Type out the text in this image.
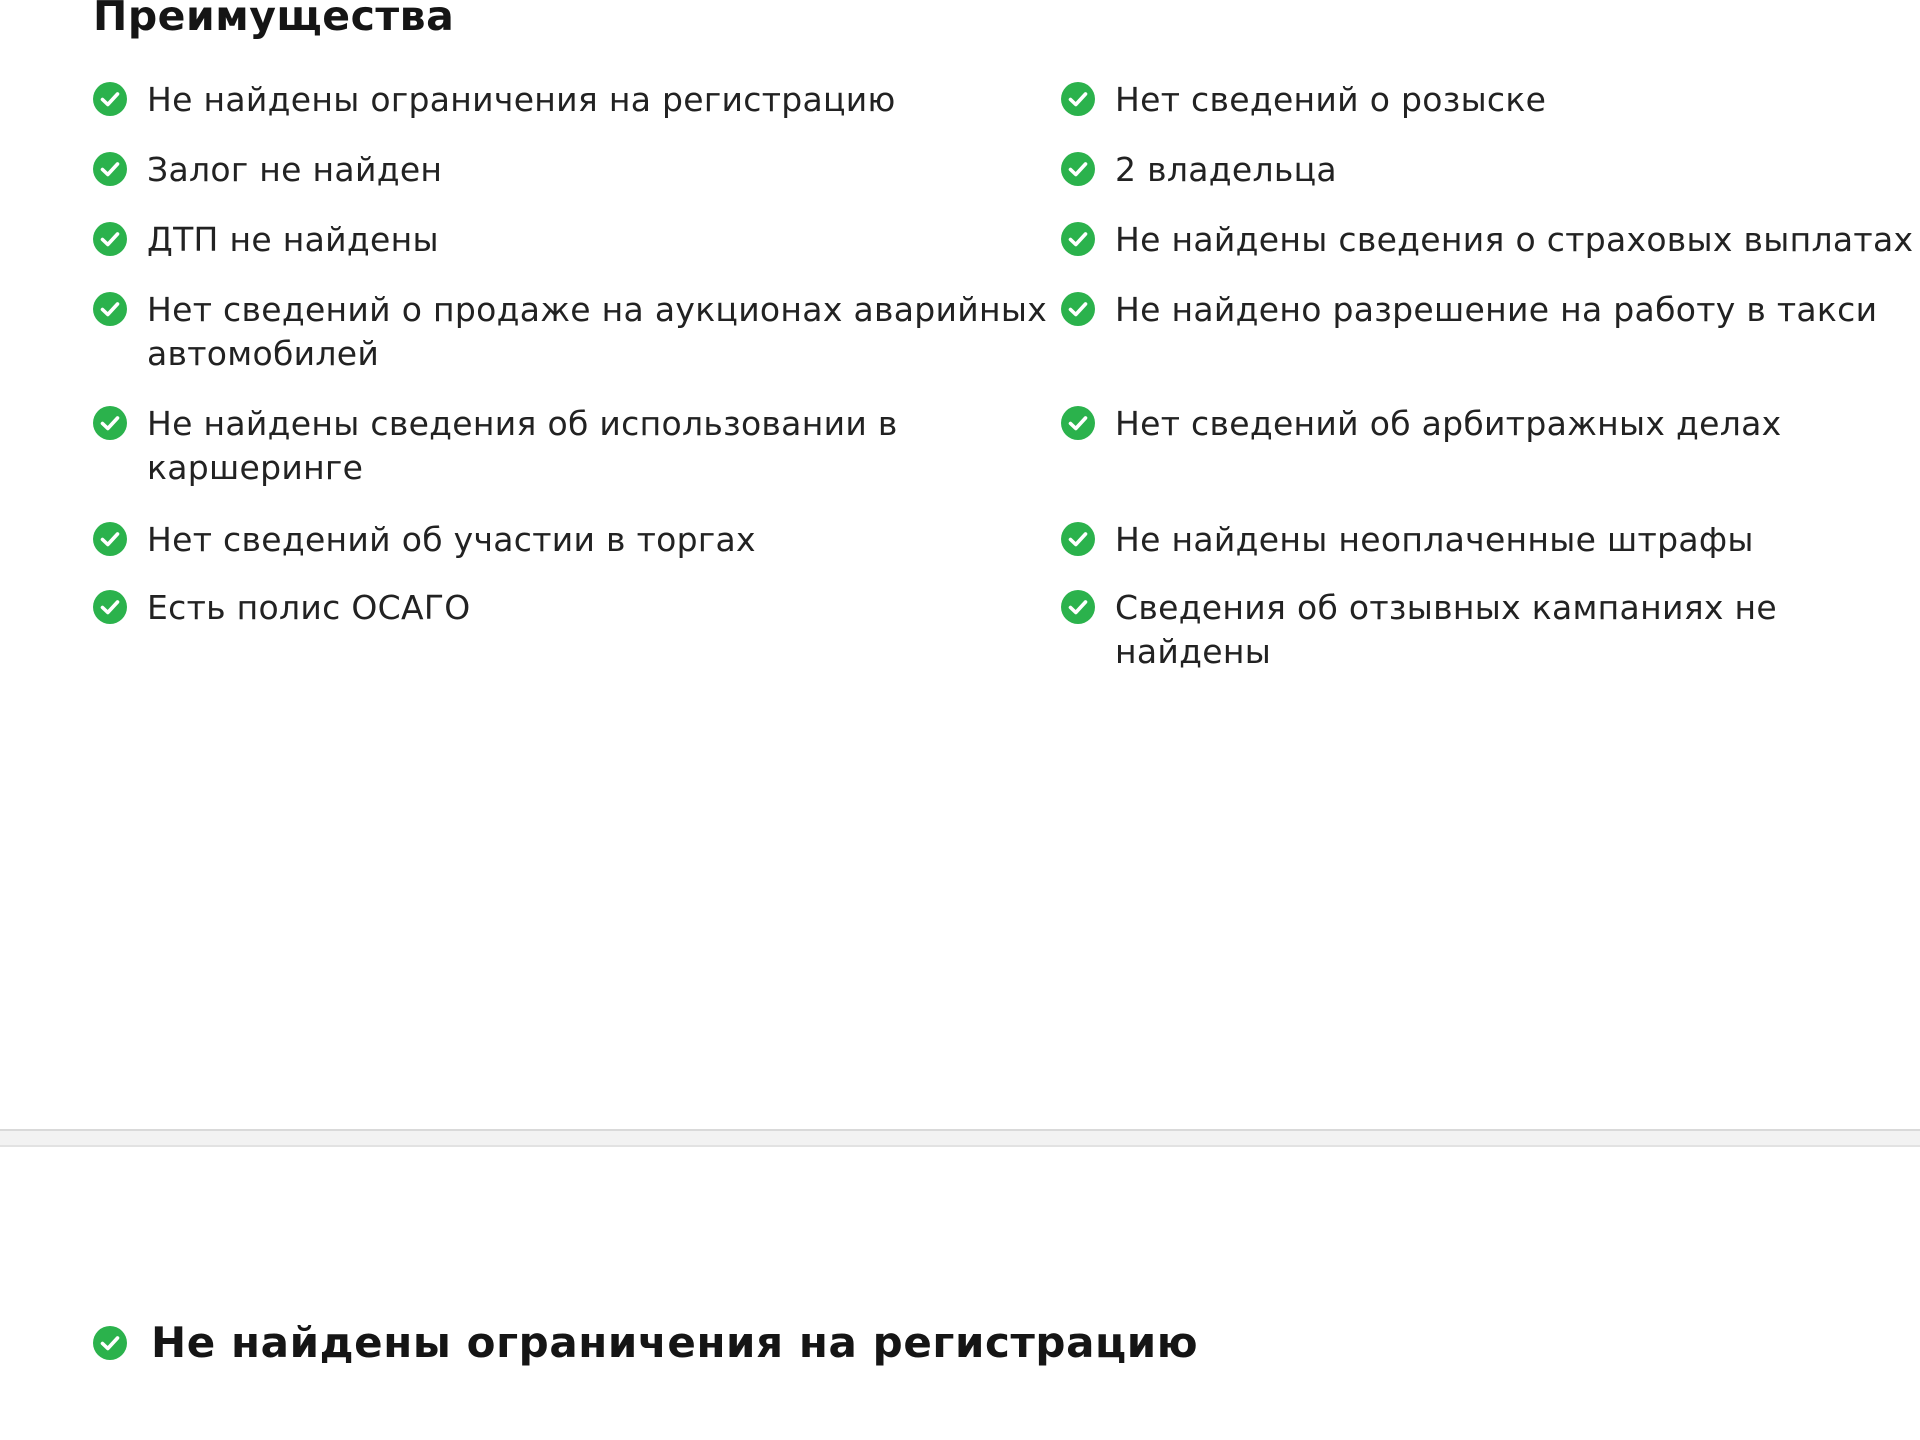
Преимущества
Не найдены ограничения на регистрацию
Залог не найден
ДТП не найдены
Нет сведений о продаже на аукционах аварийных автомобилей
Не найдены сведения об использовании в каршеринге
Нет сведений об участии в торгах
Есть полис ОСАГО
Нет сведений о розыске
2 владельца
Не найдены сведения о страховых выплатах
Не найдено разрешение на работу в такси
Нет сведений об арбитражных делах
Не найдены неоплаченные штрафы
Сведения об отзывных кампаниях не найдены
Не найдены ограничения на регистрацию
